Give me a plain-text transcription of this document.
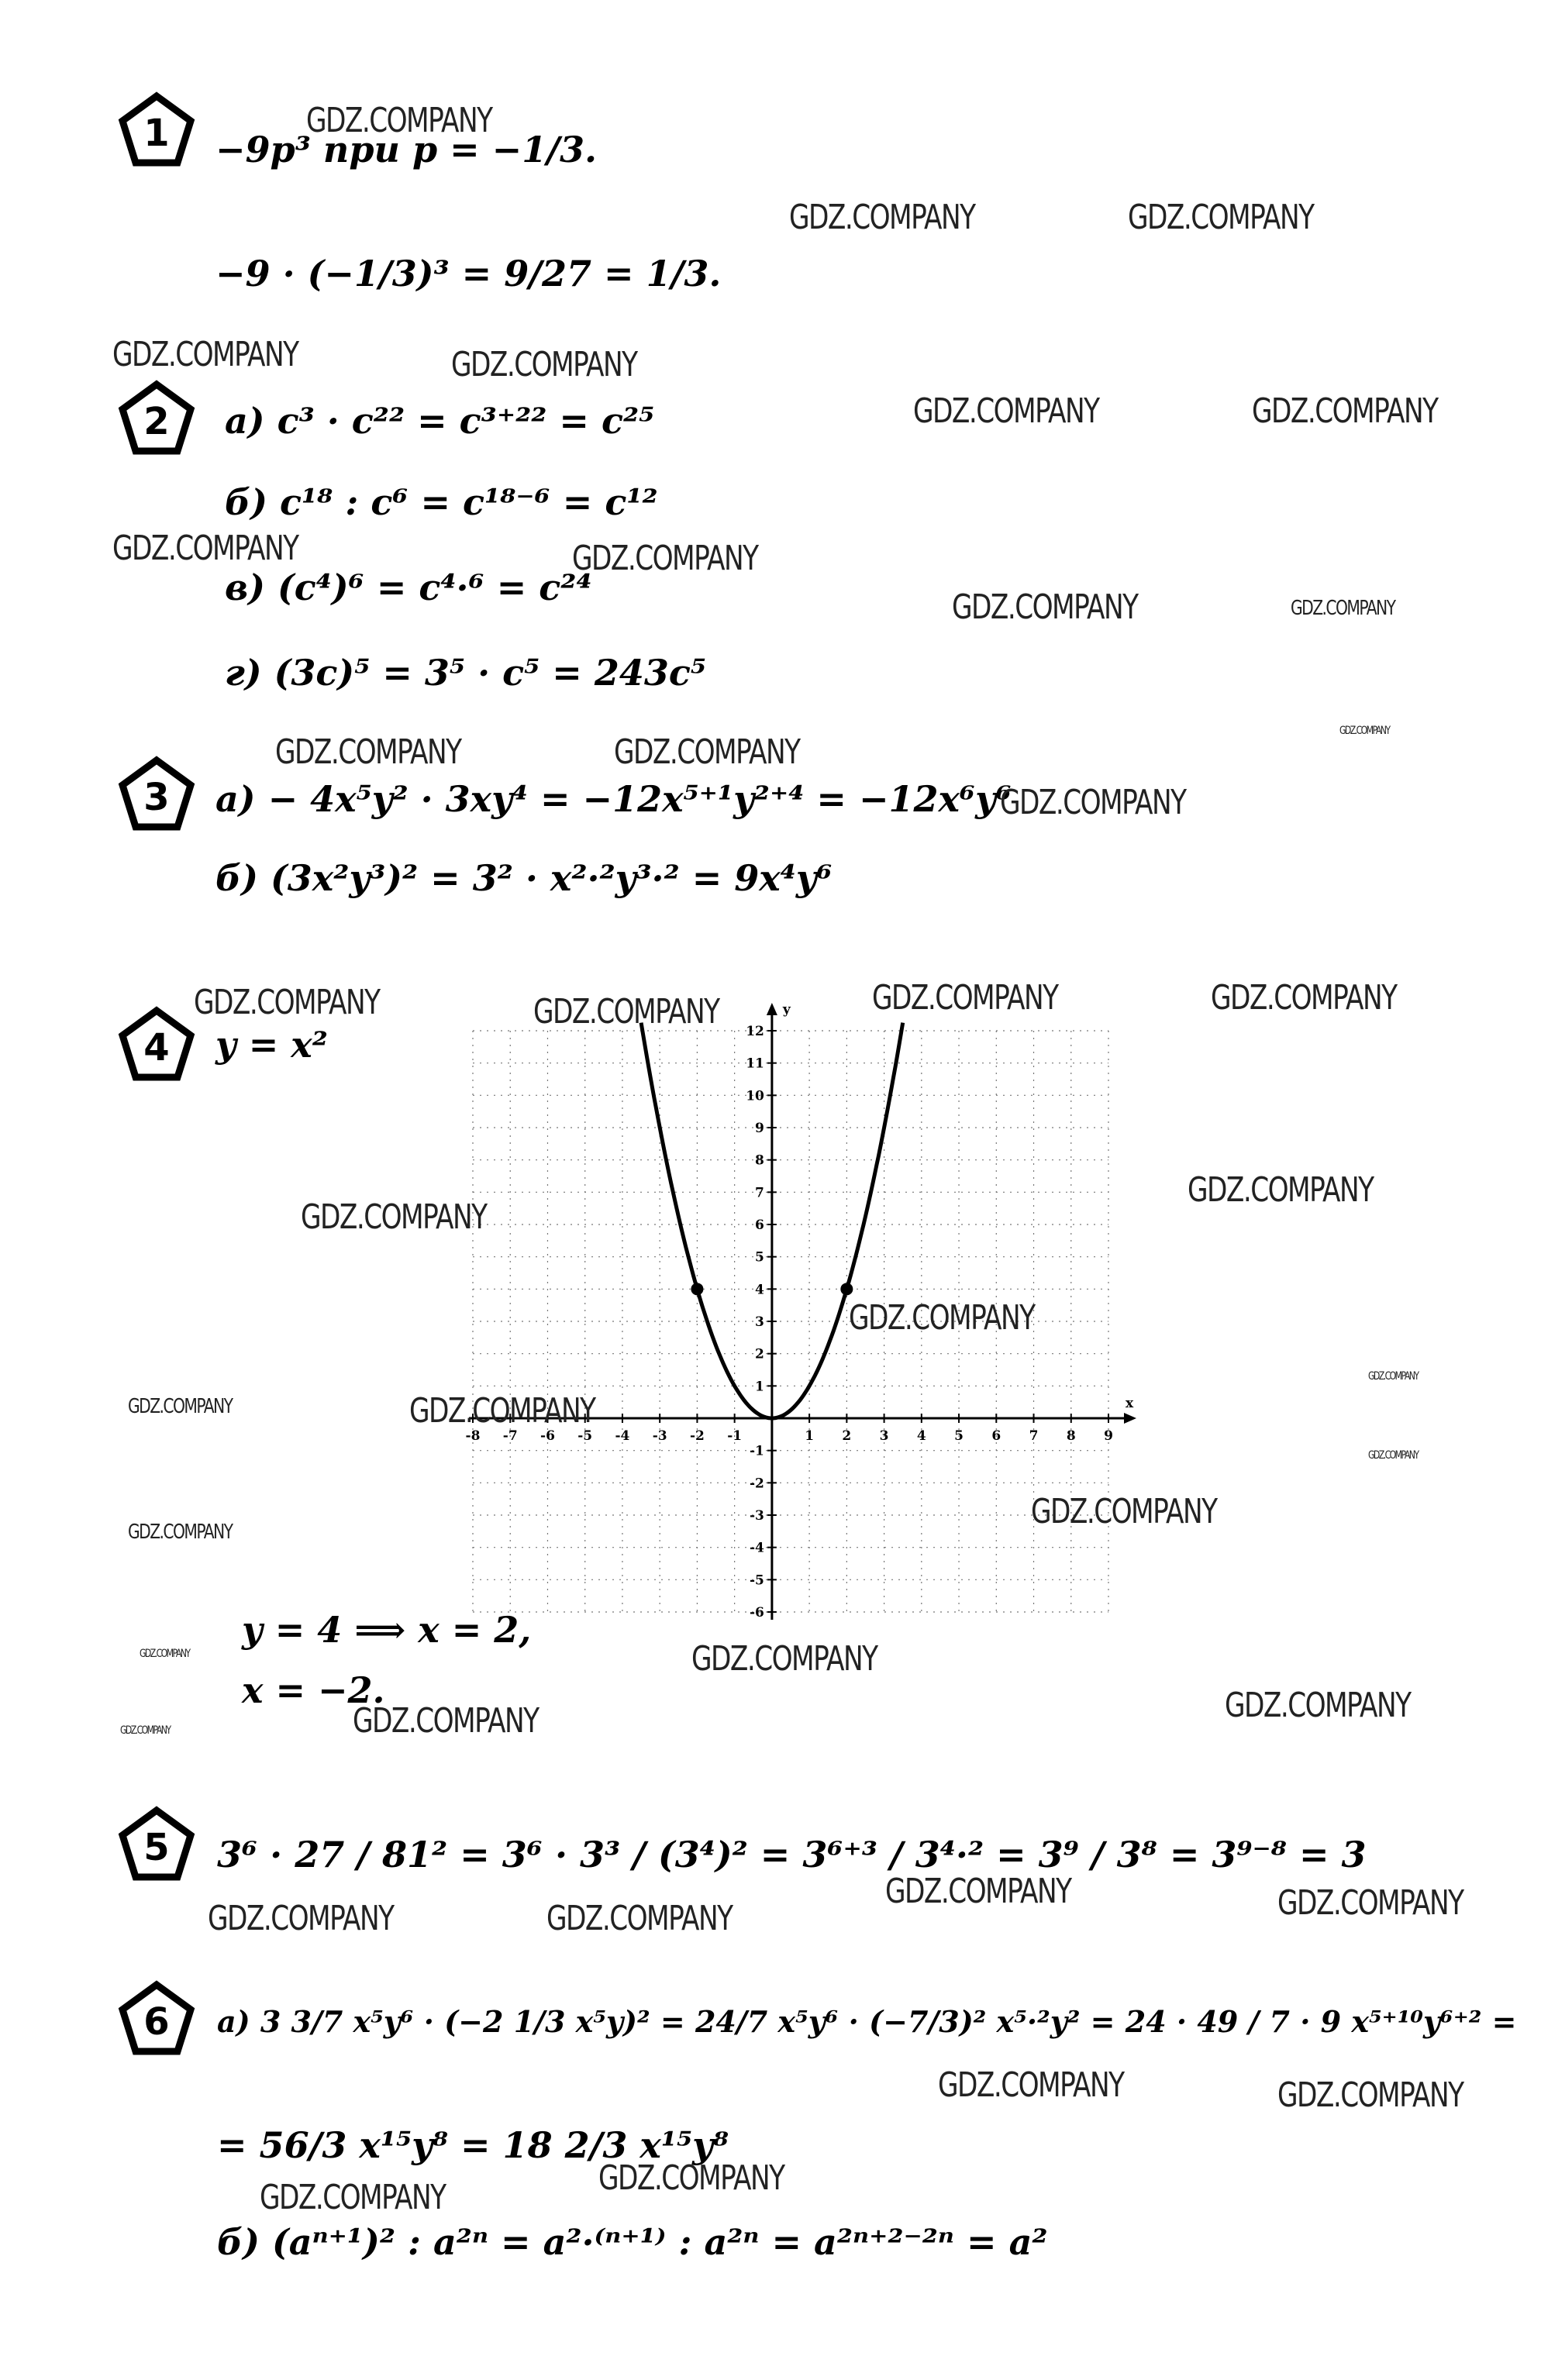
1
2
3
4
5
6
−9p³ при p = −1/3.
−9 · (−1/3)³ = 9/27 = 1/3.
а) c³ · c²² = c³⁺²² = c²⁵
б) c¹⁸ : c⁶ = c¹⁸⁻⁶ = c¹²
в) (c⁴)⁶ = c⁴·⁶ = c²⁴
г) (3c)⁵ = 3⁵ · c⁵ = 243c⁵
а) − 4x⁵y² · 3xy⁴ = −12x⁵⁺¹y²⁺⁴ = −12x⁶y⁶
б) (3x²y³)² = 3² · x²·²y³·² = 9x⁴y⁶
y = x²
x
y
-8 -7 -6 -5 -4 -3 -2 -1	1 2 3 4 5 6 7 8 9
-6
-5
-4
-3
-2
-1
1
2
3
4
5
6
7
8
9
10
11
12
y = 4 ⟹ x = 2,
x = −2.
3⁶ · 27 / 81² = 3⁶ · 3³ / (3⁴)² = 3⁶⁺³ / 3⁴·² = 3⁹ / 3⁸ = 3⁹⁻⁸ = 3
а) 3 3/7 x⁵y⁶ · (−2 1/3 x⁵y)² = 24/7 x⁵y⁶ · (−7/3)² x⁵·²y² = 24 · 49 / 7 · 9 x⁵⁺¹⁰y⁶⁺² =
= 56/3 x¹⁵y⁸ = 18 2/3 x¹⁵y⁸
б) (aⁿ⁺¹)² : a²ⁿ = a²·⁽ⁿ⁺¹⁾ : a²ⁿ = a²ⁿ⁺²⁻²ⁿ = a²
GDZ.COMPANY
GDZ.COMPANY	GDZ.COMPANY
GDZ.COMPANY	GDZ.COMPANY
GDZ.COMPANY	GDZ.COMPANY
GDZ.COMPANY	GDZ.COMPANY
GDZ.COMPANY	GDZ.COMPANY
GDZ.COMPANY
GDZ.COMPANY	GDZ.COMPANY
GDZ.COMPANY
GDZ.COMPANY	GDZ.COMPANY	GDZ.COMPANY	GDZ.COMPANY
GDZ.COMPANY
GDZ.COMPANY
GDZ.COMPANY
GDZ.COMPANY
GDZ.COMPANY	GDZ.COMPANY
GDZ.COMPANY
GDZ.COMPANY
GDZ.COMPANY
GDZ.COMPANY	GDZ.COMPANY
GDZ.COMPANY
GDZ.COMPANY	GDZ.COMPANY
GDZ.COMPANY	GDZ.COMPANY
GDZ.COMPANY	GDZ.COMPANY
GDZ.COMPANY	GDZ.COMPANY
GDZ.COMPANY
GDZ.COMPANY
